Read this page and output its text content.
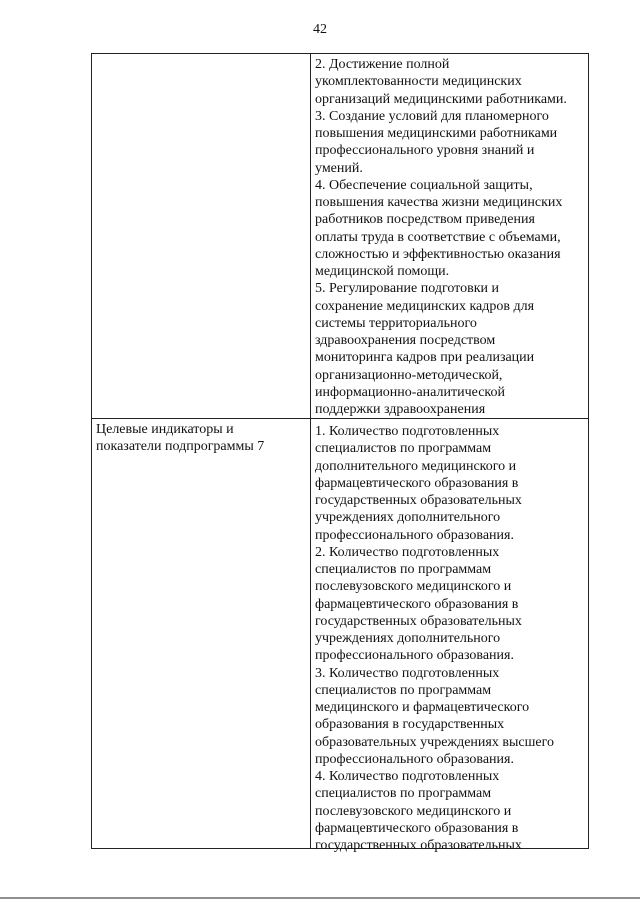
42
2. Достижение полной
укомплектованности медицинских
организаций медицинскими работниками.
3. Создание условий для планомерного
повышения медицинскими работниками
профессионального уровня знаний и
умений.
4. Обеспечение социальной защиты,
повышения качества жизни медицинских
работников посредством приведения
оплаты труда в соответствие с объемами,
сложностью и эффективностью оказания
медицинской помощи.
5. Регулирование подготовки и
сохранение медицинских кадров для
системы территориального
здравоохранения посредством
мониторинга кадров при реализации
организационно-методической,
информационно-аналитической
поддержки здравоохранения
Целевые индикаторы и
показатели подпрограммы 7
1. Количество подготовленных
специалистов по программам
дополнительного медицинского и
фармацевтического образования в
государственных образовательных
учреждениях дополнительного
профессионального образования.
2. Количество подготовленных
специалистов по программам
послевузовского медицинского и
фармацевтического образования в
государственных образовательных
учреждениях дополнительного
профессионального образования.
3. Количество подготовленных
специалистов по программам
медицинского и фармацевтического
образования в государственных
образовательных учреждениях высшего
профессионального образования.
4. Количество подготовленных
специалистов по программам
послевузовского медицинского и
фармацевтического образования в
государственных образовательных
